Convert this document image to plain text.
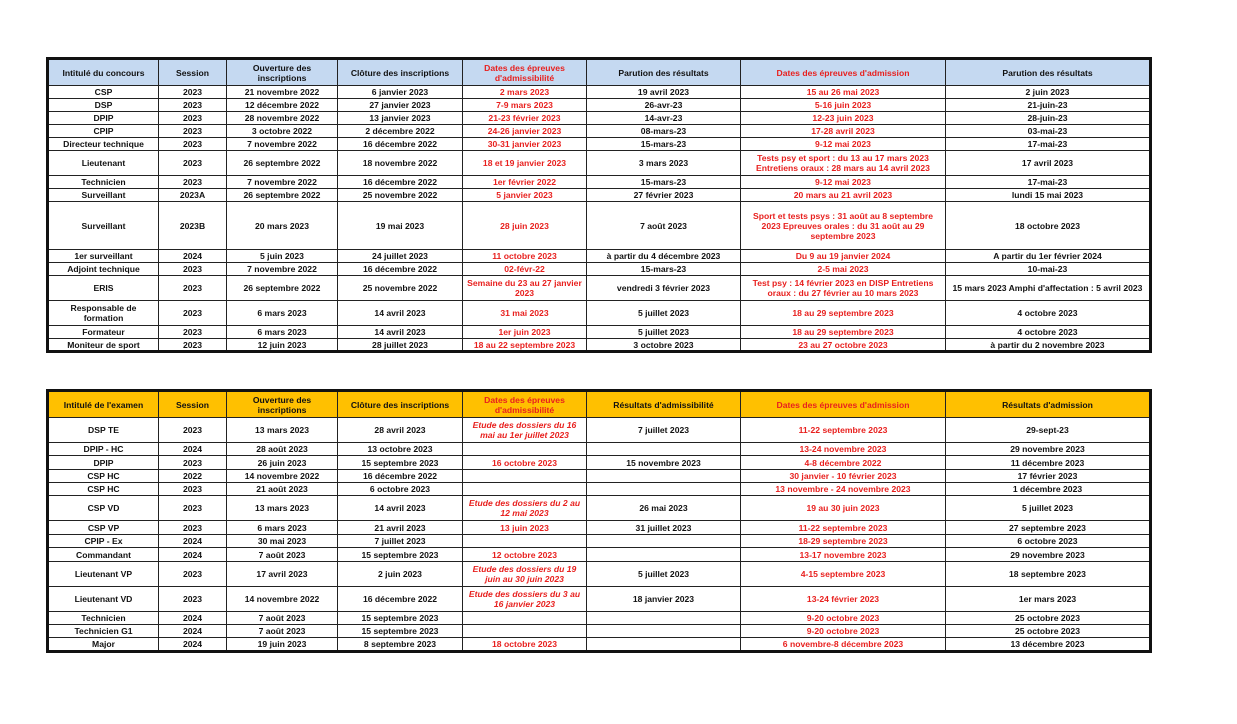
Intitulé du concours	Session	Ouverture des inscriptions	Clôture des inscriptions	Dates des épreuves d'admissibilité	Parution des résultats	Dates des épreuves d'admission	Parution des résultats
CSP	2023	21 novembre 2022	6 janvier 2023	2 mars 2023	19 avril 2023	15 au 26 mai 2023	2 juin 2023
DSP	2023	12 décembre 2022	27 janvier 2023	7-9 mars 2023	26-avr-23	5-16 juin 2023	21-juin-23
DPIP	2023	28 novembre 2022	13 janvier 2023	21-23 février 2023	14-avr-23	12-23 juin 2023	28-juin-23
CPIP	2023	3 octobre 2022	2 décembre 2022	24-26 janvier 2023	08-mars-23	17-28 avril 2023	03-mai-23
Directeur technique	2023	7 novembre 2022	16 décembre 2022	30-31 janvier 2023	15-mars-23	9-12 mai 2023	17-mai-23
Lieutenant	2023	26 septembre 2022	18 novembre 2022	18 et 19 janvier 2023	3 mars 2023	Tests psy et sport : du 13 au 17 mars 2023 Entretiens oraux : 28 mars au 14 avril 2023	17 avril 2023
Technicien	2023	7 novembre 2022	16 décembre 2022	1er février 2022	15-mars-23	9-12 mai 2023	17-mai-23
Surveillant	2023A	26 septembre 2022	25 novembre 2022	5 janvier 2023	27 février 2023	20 mars au 21 avril 2023	lundi 15 mai 2023
Surveillant	2023B	20 mars 2023	19 mai 2023	28 juin 2023	7 août 2023	Sport et tests psys : 31 août au 8 septembre 2023 Epreuves orales : du 31 août au 29 septembre 2023	18 octobre 2023
1er surveillant	2024	5 juin 2023	24 juillet 2023	11 octobre 2023	à partir du 4 décembre 2023	Du 9 au 19 janvier 2024	A partir du 1er février 2024
Adjoint technique	2023	7 novembre 2022	16 décembre 2022	02-févr-22	15-mars-23	2-5 mai 2023	10-mai-23
ERIS	2023	26 septembre 2022	25 novembre 2022	Semaine du 23 au 27 janvier 2023	vendredi 3 février 2023	Test psy : 14 février 2023 en DISP Entretiens oraux : du 27 février au 10 mars 2023	15 mars 2023 Amphi d'affectation : 5 avril 2023
Responsable de formation	2023	6 mars 2023	14 avril 2023	31 mai 2023	5 juillet 2023	18 au 29 septembre 2023	4 octobre 2023
Formateur	2023	6 mars 2023	14 avril 2023	1er juin 2023	5 juillet 2023	18 au 29 septembre 2023	4 octobre 2023
Moniteur de sport	2023	12 juin 2023	28 juillet 2023	18 au 22 septembre 2023	3 octobre 2023	23 au 27 octobre 2023	à partir du 2 novembre 2023
Intitulé de l'examen	Session	Ouverture des inscriptions	Clôture des inscriptions	Dates des épreuves d'admissibilité	Résultats d'admissibilité	Dates des épreuves d'admission	Résultats d'admission
DSP TE	2023	13 mars 2023	28 avril 2023	Etude des dossiers du 16 mai au 1er juillet 2023	7 juillet 2023	11-22 septembre 2023	29-sept-23
DPIP - HC	2024	28 août 2023	13 octobre 2023			13-24 novembre 2023	29 novembre 2023
DPIP	2023	26 juin 2023	15 septembre 2023	16 octobre 2023	15 novembre 2023	4-8 décembre 2022	11 décembre 2023
CSP HC	2022	14 novembre 2022	16 décembre 2022			30 janvier - 10 février 2023	17 février 2023
CSP HC	2023	21 août 2023	6 octobre 2023			13 novembre - 24 novembre 2023	1 décembre 2023
CSP VD	2023	13 mars 2023	14 avril 2023	Etude des dossiers du 2 au 12 mai 2023	26 mai 2023	19 au 30 juin 2023	5 juillet 2023
CSP VP	2023	6 mars 2023	21 avril 2023	13 juin 2023	31 juillet 2023	11-22 septembre 2023	27 septembre 2023
CPIP - Ex	2024	30 mai 2023	7 juillet 2023			18-29 septembre 2023	6 octobre 2023
Commandant	2024	7 août 2023	15 septembre 2023	12 octobre 2023		13-17 novembre 2023	29 novembre 2023
Lieutenant VP	2023	17 avril 2023	2 juin 2023	Etude des dossiers du 19 juin au 30 juin 2023	5 juillet 2023	4-15 septembre 2023	18 septembre 2023
Lieutenant VD	2023	14 novembre 2022	16 décembre 2022	Etude des dossiers du 3 au 16 janvier 2023	18 janvier 2023	13-24 février 2023	1er mars 2023
Technicien	2024	7 août 2023	15 septembre 2023			9-20 octobre 2023	25 octobre 2023
Technicien G1	2024	7 août 2023	15 septembre 2023			9-20 octobre 2023	25 octobre 2023
Major	2024	19 juin 2023	8 septembre 2023	18 octobre 2023		6 novembre-8 décembre 2023	13 décembre 2023
